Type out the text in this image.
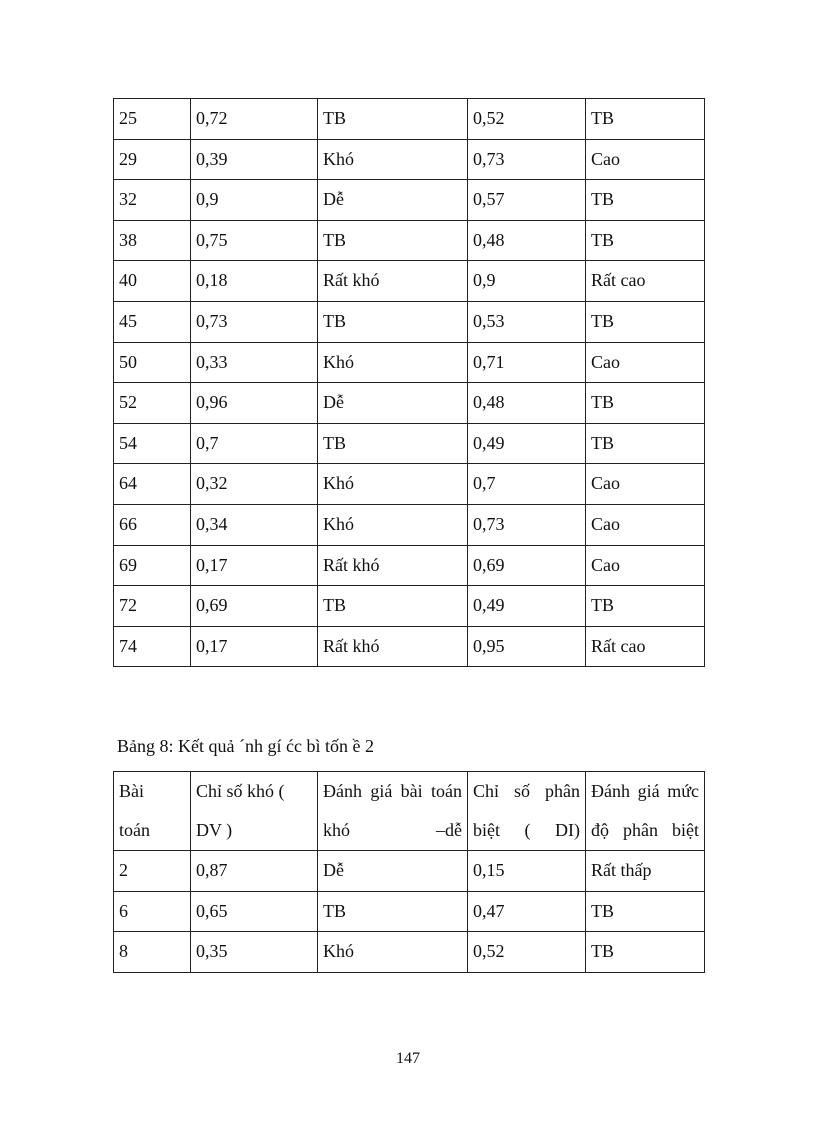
25	0,72	TB	0,52	TB
29	0,39	Khó	0,73	Cao
32	0,9	Dễ	0,57	TB
38	0,75	TB	0,48	TB
40	0,18	Rất khó	0,9	Rất cao
45	0,73	TB	0,53	TB
50	0,33	Khó	0,71	Cao
52	0,96	Dễ	0,48	TB
54	0,7	TB	0,49	TB
64	0,32	Khó	0,7	Cao
66	0,34	Khó	0,73	Cao
69	0,17	Rất khó	0,69	Cao
72	0,69	TB	0,49	TB
74	0,17	Rất khó	0,95	Rất cao
Bảng 8: Kết quả ´nh gí ćc bì tốn ề 2
Bài toán	Chỉ số khó ( DV )	Đánh giá bài toán khó –dễ	Chỉ số phân biệt ( DI)	Đánh giá mức độ phân biệt
2	0,87	Dễ	0,15	Rất thấp
6	0,65	TB	0,47	TB
8	0,35	Khó	0,52	TB
147
